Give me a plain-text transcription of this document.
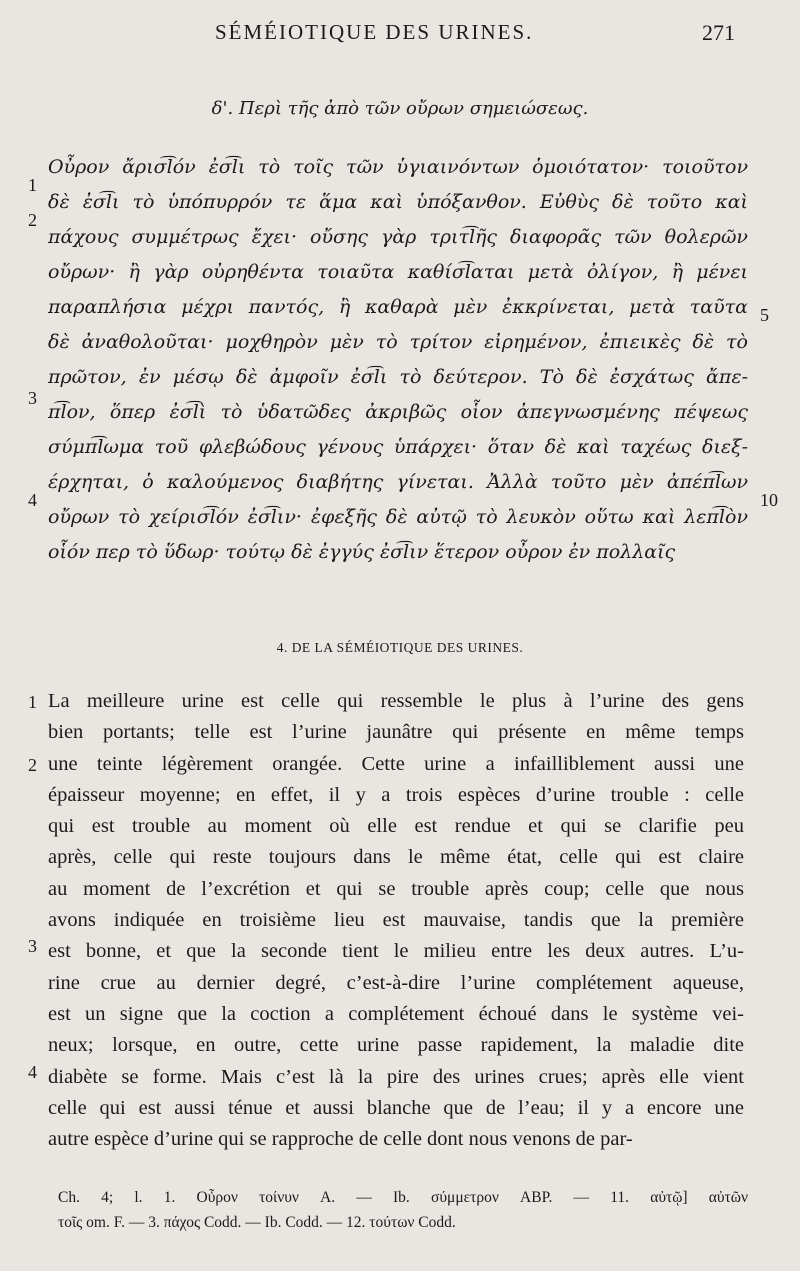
SÉMÉIOTIQUE DES URINES.	271
δ'. Περὶ τῆς ἀπὸ τῶν οὔρων σημειώσεως.
1
2
3
4
5
10
Οὖρον ἄρισ͡lόν ἐσ͡lι τὸ τοῖς τῶν ὑγιαινόντων ὁμοιότατον· τοιοῦτον
δὲ ἐσ͡lι τὸ ὑπόπυρρόν τε ἅμα καὶ ὑπόξανθον. Εὐθὺς δὲ τοῦτο καὶ
πάχους συμμέτρως ἔχει· οὔσης γὰρ τριτ͡lῆς διαφορᾶς τῶν θολερῶν
οὔρων· ἢ γὰρ οὐρηθέντα τοιαῦτα καθίσ͡lαται μετὰ ὀλίγον, ἢ μένει
παραπλήσια μέχρι παντός, ἢ καθαρὰ μὲν ἐκκρίνεται, μετὰ ταῦτα
δὲ ἀναθολοῦται· μοχθηρὸν μὲν τὸ τρίτον εἰρημένον, ἐπιεικὲς δὲ τὸ
πρῶτον, ἐν μέσῳ δὲ ἀμφοῖν ἐσ͡lι τὸ δεύτερον. Τὸ δὲ ἐσχάτως ἄπε-
π͡lον, ὅπερ ἐσ͡lὶ τὸ ὑδατῶδες ἀκριβῶς οἷον ἀπεγνωσμένης πέψεως
σύμπ͡lωμα τοῦ φλεβώδους γένους ὑπάρχει· ὅταν δὲ καὶ ταχέως διεξ-
έρχηται, ὁ καλούμενος διαβήτης γίνεται. Ἀλλὰ τοῦτο μὲν ἀπέπ͡lων
οὔρων τὸ χείρισ͡lόν ἐσ͡lιν· ἐφεξῆς δὲ αὐτῷ τὸ λευκὸν οὕτω καὶ λεπ͡lὸν
οἷόν περ τὸ ὕδωρ· τούτῳ δὲ ἐγγύς ἐσ͡lιν ἕτερον οὖρον ἐν πολλαῖς
4. DE LA SÉMÉIOTIQUE DES URINES.
1
2
3
4
La meilleure urine est celle qui ressemble le plus à l’urine des gens
bien portants; telle est l’urine jaunâtre qui présente en même temps
une teinte légèrement orangée. Cette urine a infailliblement aussi une
épaisseur moyenne; en effet, il y a trois espèces d’urine trouble : celle
qui est trouble au moment où elle est rendue et qui se clarifie peu
après, celle qui reste toujours dans le même état, celle qui est claire
au moment de l’excrétion et qui se trouble après coup; celle que nous
avons indiquée en troisième lieu est mauvaise, tandis que la première
est bonne, et que la seconde tient le milieu entre les deux autres. L’u-
rine crue au dernier degré, c’est-à-dire l’urine complétement aqueuse,
est un signe que la coction a complétement échoué dans le système vei-
neux; lorsque, en outre, cette urine passe rapidement, la maladie dite
diabète se forme. Mais c’est là la pire des urines crues; après elle vient
celle qui est aussi ténue et aussi blanche que de l’eau; il y a encore une
autre espèce d’urine qui se rapproche de celle dont nous venons de par-
Ch. 4; l. 1. Οὖρον τοίνυν A. — Ib. σύμμετρον ABP. — 11. αὐτῷ] αὐτῶν
τοῖς om. F. — 3. πάχος Codd. — Ib. Codd. — 12. τούτων Codd.
